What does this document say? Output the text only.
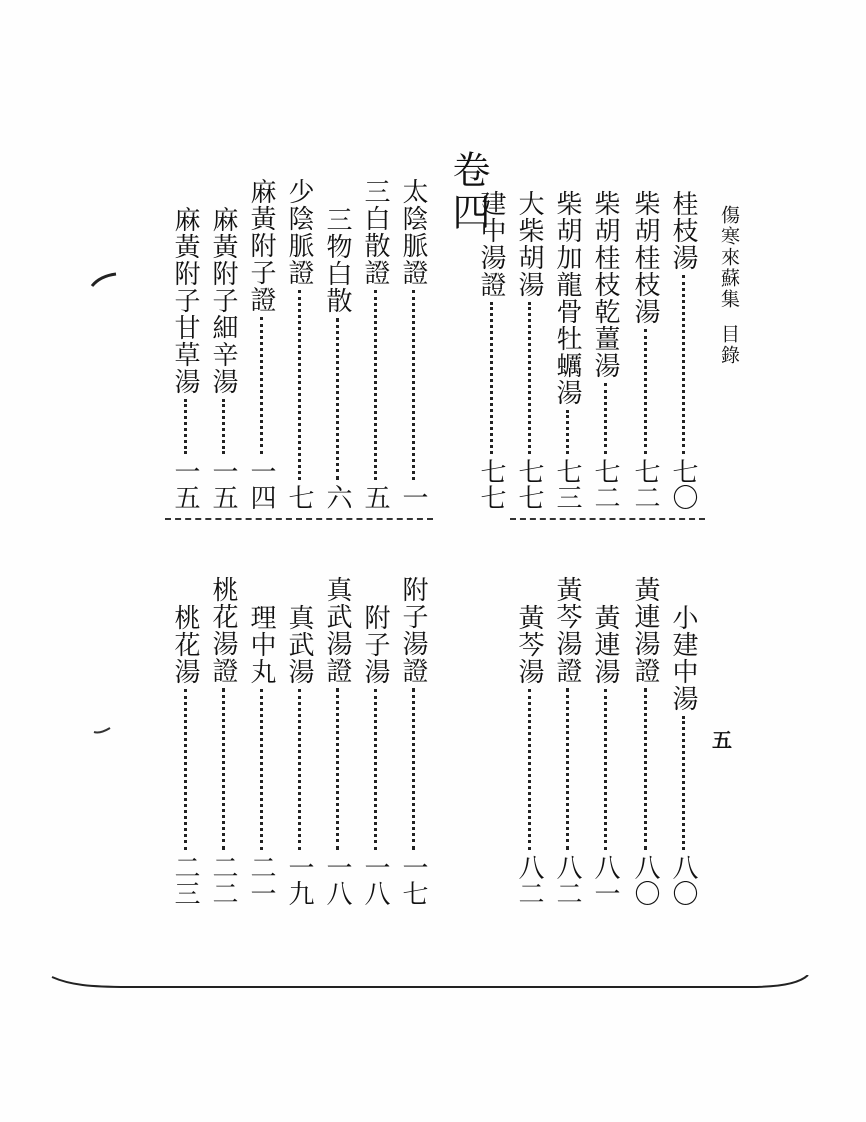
傷寒來蘇集目錄
五
卷四	桂枝湯
七〇
柴胡桂枝湯
七二
柴胡桂枝乾薑湯
七二
柴胡加龍骨牡蠣湯
七三
大柴胡湯
七七
建中湯證
七七
太陰脈證
一
三白散證
五
三物白散
六
少陰脈證
七
麻黃附子證
一四
麻黃附子細辛湯
一五
麻黃附子甘草湯
一五
小建中湯
八〇
黃連湯證
八〇
黃連湯
八一
黃芩湯證
八二
黃芩湯
八二
附子湯證
一七
附子湯
一八
真武湯證
一八
真武湯
一九
理中丸
二一
桃花湯證
二二
桃花湯
二三
